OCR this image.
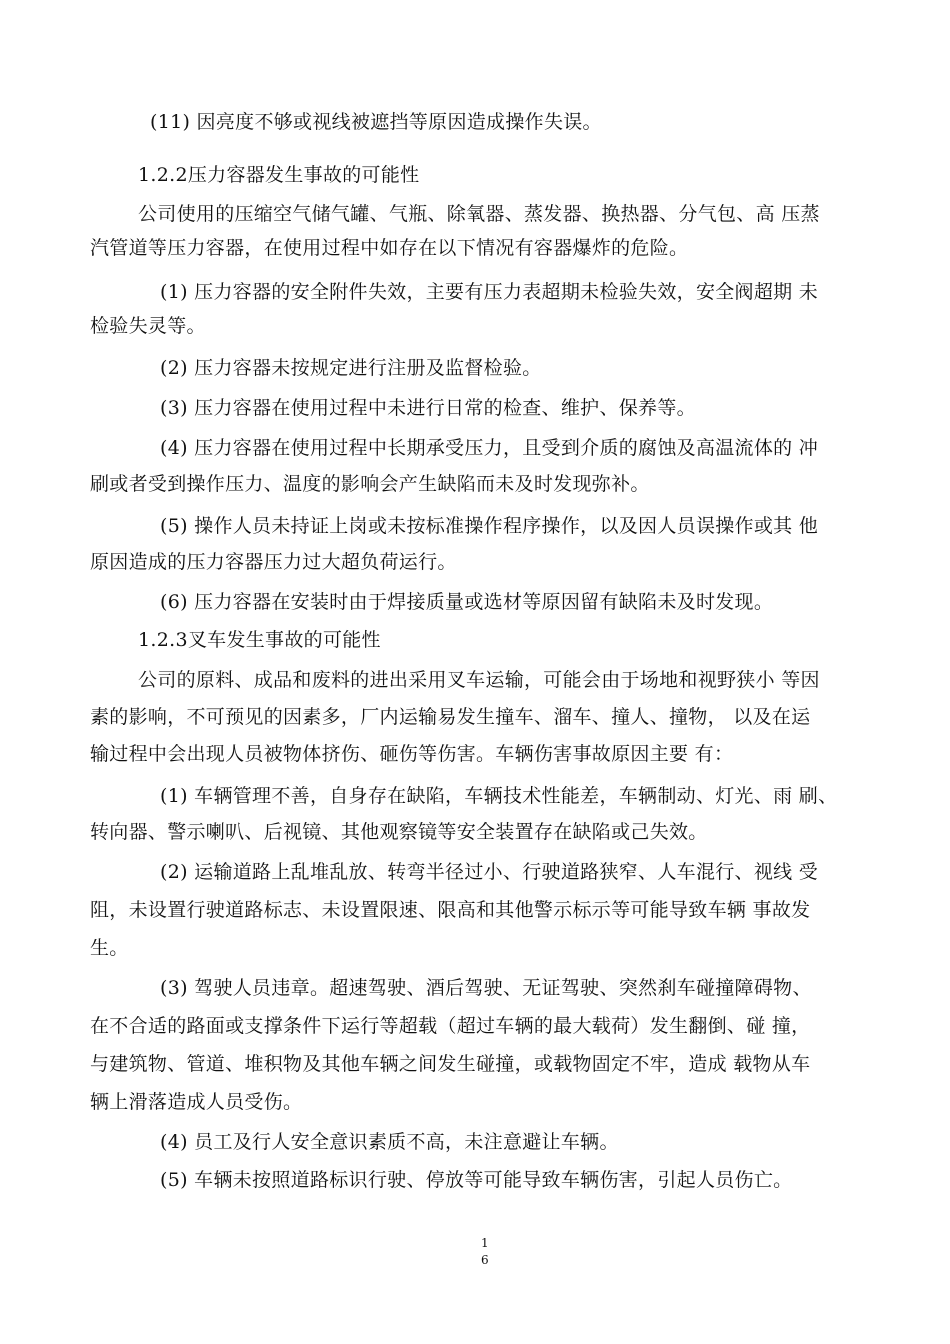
(11) 因亮度不够或视线被遮挡等原因造成操作失误。
1.2.2压力容器发生事故的可能性
公司使用的压缩空气储气罐、气瓶、除氧器、蒸发器、换热器、分气包、高 压蒸
汽管道等压力容器，在使用过程中如存在以下情况有容器爆炸的危险。
(1) 压力容器的安全附件失效，主要有压力表超期未检验失效，安全阀超期 未
检验失灵等。
(2) 压力容器未按规定进行注册及监督检验。
(3) 压力容器在使用过程中未进行日常的检查、维护、保养等。
(4) 压力容器在使用过程中长期承受压力，且受到介质的腐蚀及高温流体的 冲
刷或者受到操作压力、温度的影响会产生缺陷而未及时发现弥补。
(5) 操作人员未持证上岗或未按标准操作程序操作，以及因人员误操作或其 他
原因造成的压力容器压力过大超负荷运行。
(6) 压力容器在安装时由于焊接质量或选材等原因留有缺陷未及时发现。
1.2.3叉车发生事故的可能性
公司的原料、成品和废料的进出采用叉车运输，可能会由于场地和视野狭小 等因
素的影响，不可预见的因素多，厂内运输易发生撞车、溜车、撞人、撞物， 以及在运
输过程中会出现人员被物体挤伤、砸伤等伤害。车辆伤害事故原因主要 有：
(1) 车辆管理不善，自身存在缺陷，车辆技术性能差，车辆制动、灯光、雨 刷、
转向器、警示喇叭、后视镜、其他观察镜等安全装置存在缺陷或己失效。
(2) 运输道路上乱堆乱放、转弯半径过小、行驶道路狭窄、人车混行、视线 受
阻，未设置行驶道路标志、未设置限速、限高和其他警示标示等可能导致车辆 事故发
生。
(3) 驾驶人员违章。超速驾驶、酒后驾驶、无证驾驶、突然刹车碰撞障碍物、
在不合适的路面或支撑条件下运行等超载（超过车辆的最大载荷）发生翻倒、碰 撞，
与建筑物、管道、堆积物及其他车辆之间发生碰撞，或载物固定不牢，造成 载物从车
辆上滑落造成人员受伤。
(4) 员工及行人安全意识素质不高，未注意避让车辆。
(5) 车辆未按照道路标识行驶、停放等可能导致车辆伤害，引起人员伤亡。
1
6
